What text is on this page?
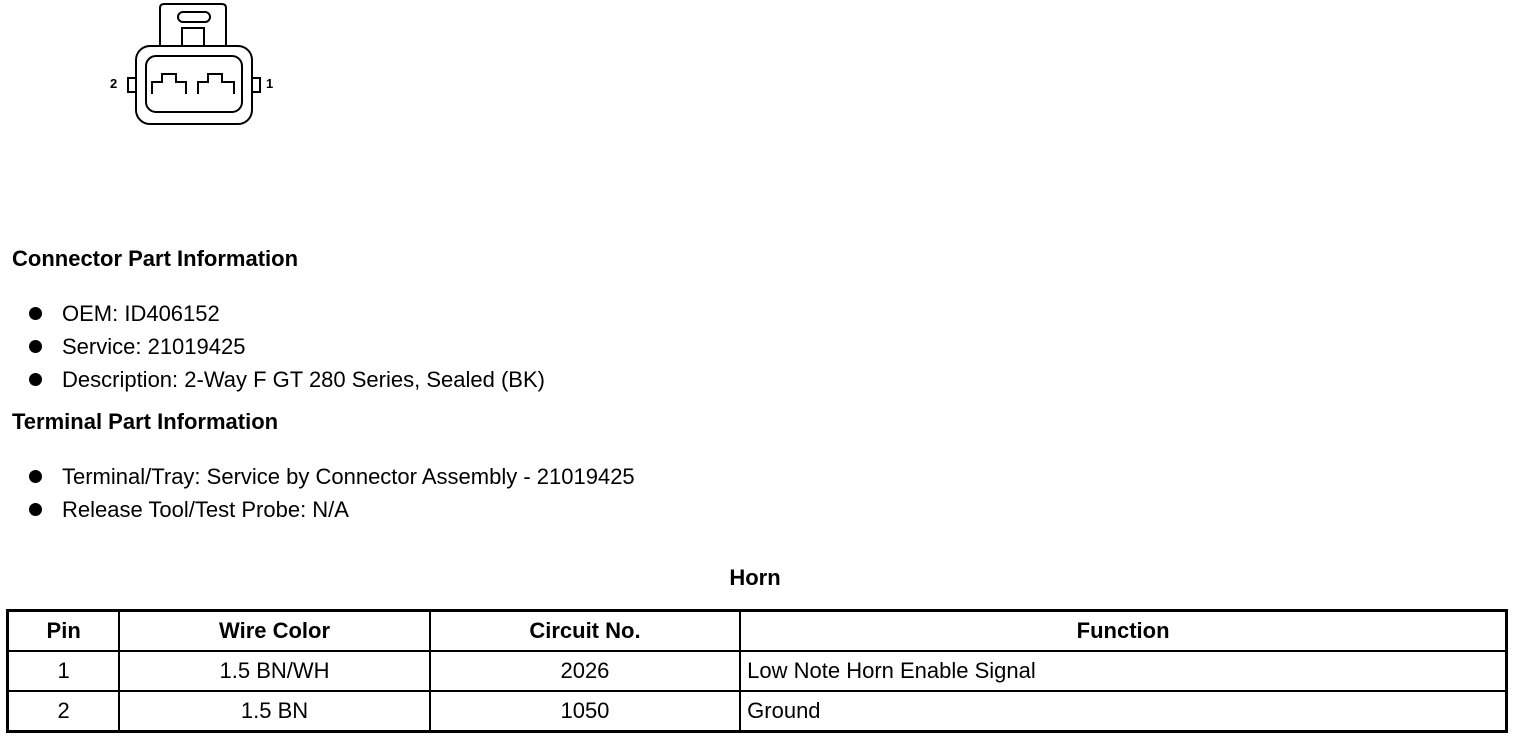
2	1
Connector Part Information
OEM: ID406152
Service: 21019425
Description: 2-Way F GT 280 Series, Sealed (BK)
Terminal Part Information
Terminal/Tray: Service by Connector Assembly - 21019425
Release Tool/Test Probe: N/A
Horn
Pin	Wire Color	Circuit No.	Function
1	1.5 BN/WH	2026	Low Note Horn Enable Signal
2	1.5 BN	1050	Ground
